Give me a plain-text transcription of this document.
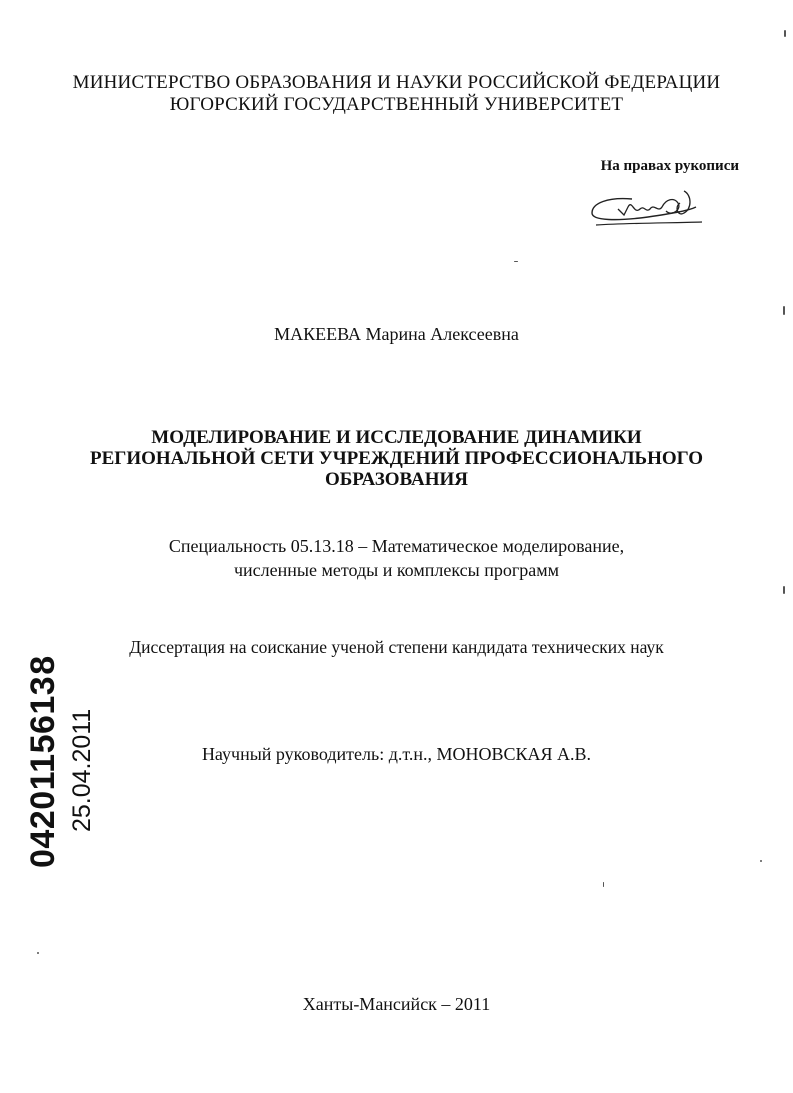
МИНИСТЕРСТВО ОБРАЗОВАНИЯ И НАУКИ РОССИЙСКОЙ ФЕДЕРАЦИИ
ЮГОРСКИЙ ГОСУДАРСТВЕННЫЙ УНИВЕРСИТЕТ
На правах рукописи
МАКЕЕВА Марина Алексеевна
МОДЕЛИРОВАНИЕ И ИССЛЕДОВАНИЕ ДИНАМИКИ
РЕГИОНАЛЬНОЙ СЕТИ УЧРЕЖДЕНИЙ ПРОФЕССИОНАЛЬНОГО
ОБРАЗОВАНИЯ
Специальность 05.13.18 – Математическое моделирование,
численные методы и комплексы программ
Диссертация на соискание ученой степени кандидата технических наук
Научный руководитель: д.т.н., МОНОВСКАЯ А.В.
Ханты-Мансийск – 2011
04201156138
25.04.2011
